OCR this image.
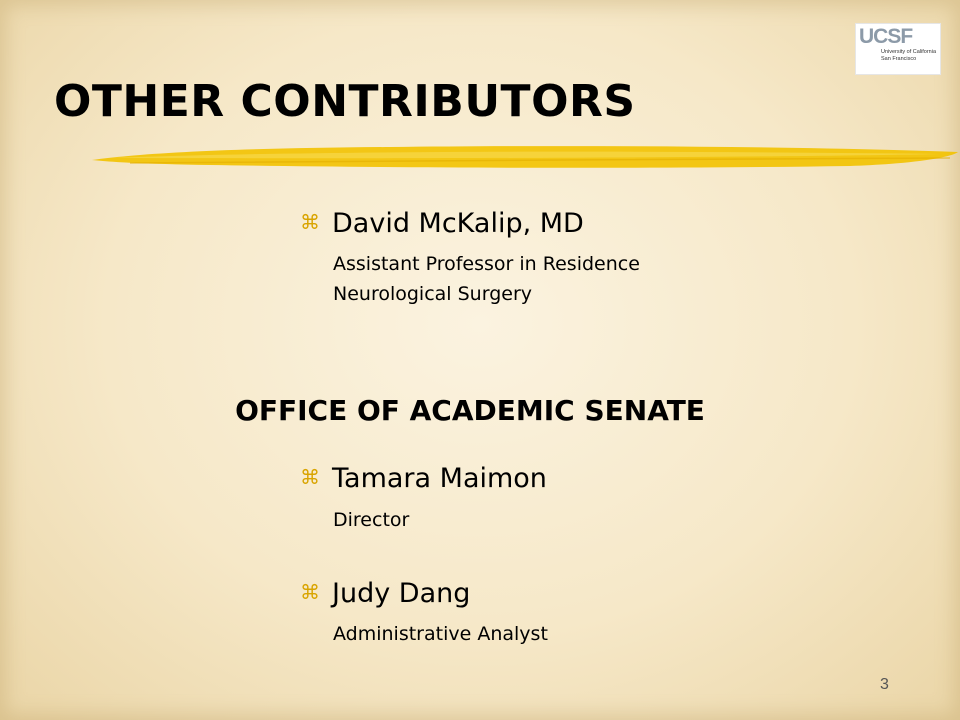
UCSF
University of California San Francisco
OTHER CONTRIBUTORS
⌘ David McKalip, MD
Assistant Professor in Residence
Neurological Surgery
OFFICE OF ACADEMIC SENATE
⌘ Tamara Maimon
Director
⌘ Judy Dang
Administrative Analyst
3
